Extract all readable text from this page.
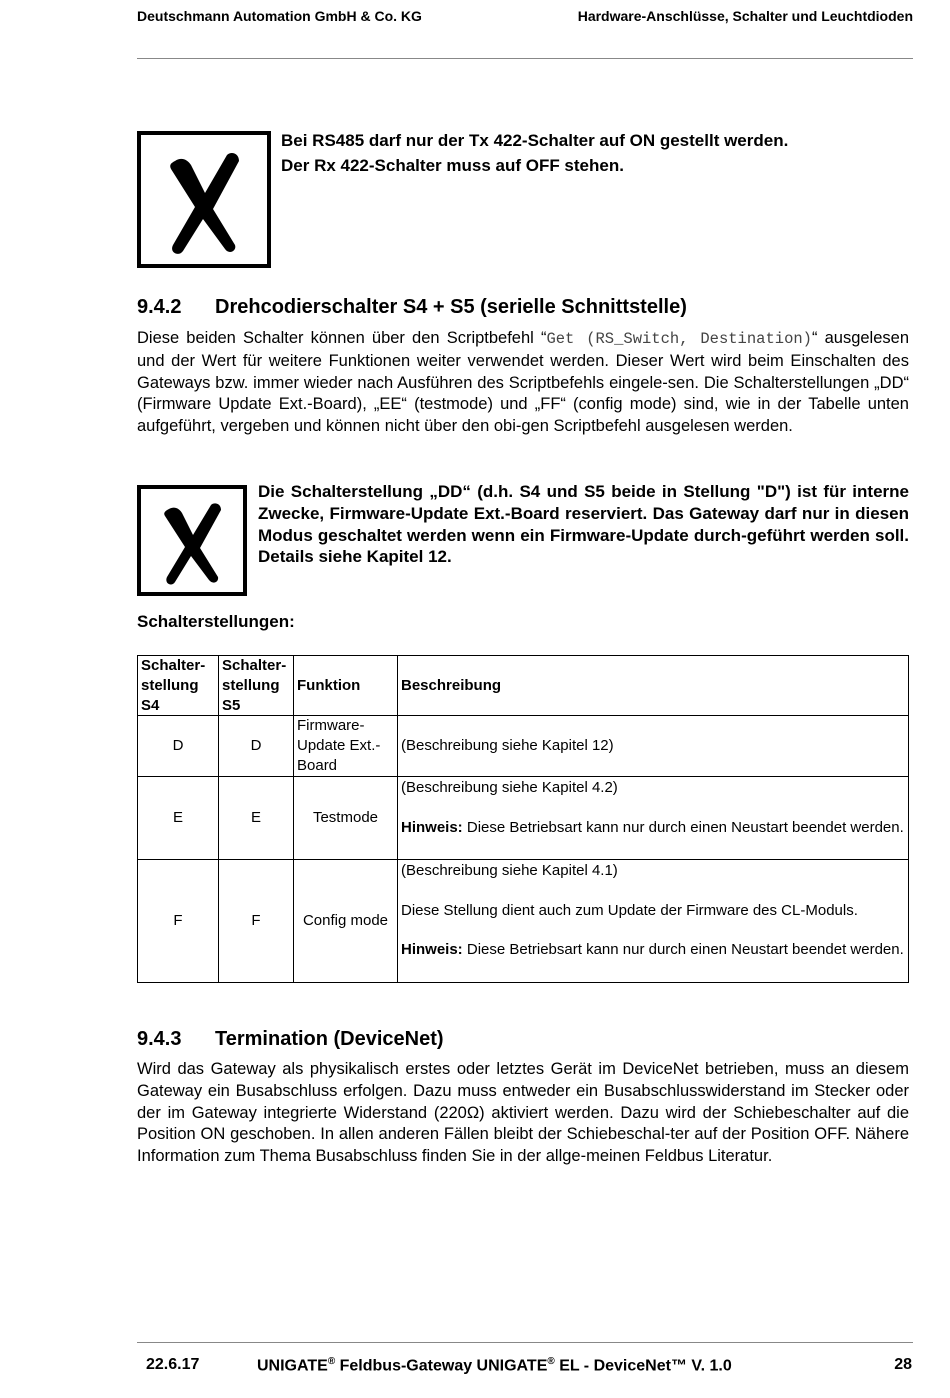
Deutschmann Automation GmbH & Co. KG	Hardware-Anschlüsse, Schalter und Leuchtdioden
Bei RS485 darf nur der Tx 422-Schalter auf ON gestellt werden.
Der Rx 422-Schalter muss auf OFF stehen.
9.4.2 Drehcodierschalter S4 + S5 (serielle Schnittstelle)
Diese beiden Schalter können über den Scriptbefehl “Get (RS_Switch, Destination)“ ausgelesen und der Wert für weitere Funktionen weiter verwendet werden. Dieser Wert wird beim Einschalten des Gateways bzw. immer wieder nach Ausführen des Scriptbefehls eingele-sen. Die Schalterstellungen „DD“ (Firmware Update Ext.-Board), „EE“ (testmode) und „FF“ (config mode) sind, wie in der Tabelle unten aufgeführt, vergeben und können nicht über den obi-gen Scriptbefehl ausgelesen werden.
Die Schalterstellung „DD“ (d.h. S4 und S5 beide in Stellung "D") ist für interne Zwecke, Firmware-Update Ext.-Board reserviert. Das Gateway darf nur in diesen Modus geschaltet werden wenn ein Firmware-Update durch-geführt werden soll. Details siehe Kapitel 12.
Schalterstellungen:
Schalter-stellung S4	Schalter-stellung S5	Funktion	Beschreibung
D	D	Firmware-Update Ext.-Board	(Beschreibung siehe Kapitel 12)
E	E	Testmode	(Beschreibung siehe Kapitel 4.2)
Hinweis: Diese Betriebsart kann nur durch einen Neustart beendet werden.

F	F	Config mode	(Beschreibung siehe Kapitel 4.1)
Diese Stellung dient auch zum Update der Firmware des CL-Moduls.
Hinweis: Diese Betriebsart kann nur durch einen Neustart beendet werden.
9.4.3 Termination (DeviceNet)
Wird das Gateway als physikalisch erstes oder letztes Gerät im DeviceNet betrieben, muss an diesem Gateway ein Busabschluss erfolgen. Dazu muss entweder ein Busabschlusswiderstand im Stecker oder der im Gateway integrierte Widerstand (220Ω) aktiviert werden. Dazu wird der Schiebeschalter auf die Position ON geschoben. In allen anderen Fällen bleibt der Schiebeschal-ter auf der Position OFF. Nähere Information zum Thema Busabschluss finden Sie in der allge-meinen Feldbus Literatur.
22.6.17	UNIGATE® Feldbus-Gateway UNIGATE® EL - DeviceNet™ V. 1.0	28
